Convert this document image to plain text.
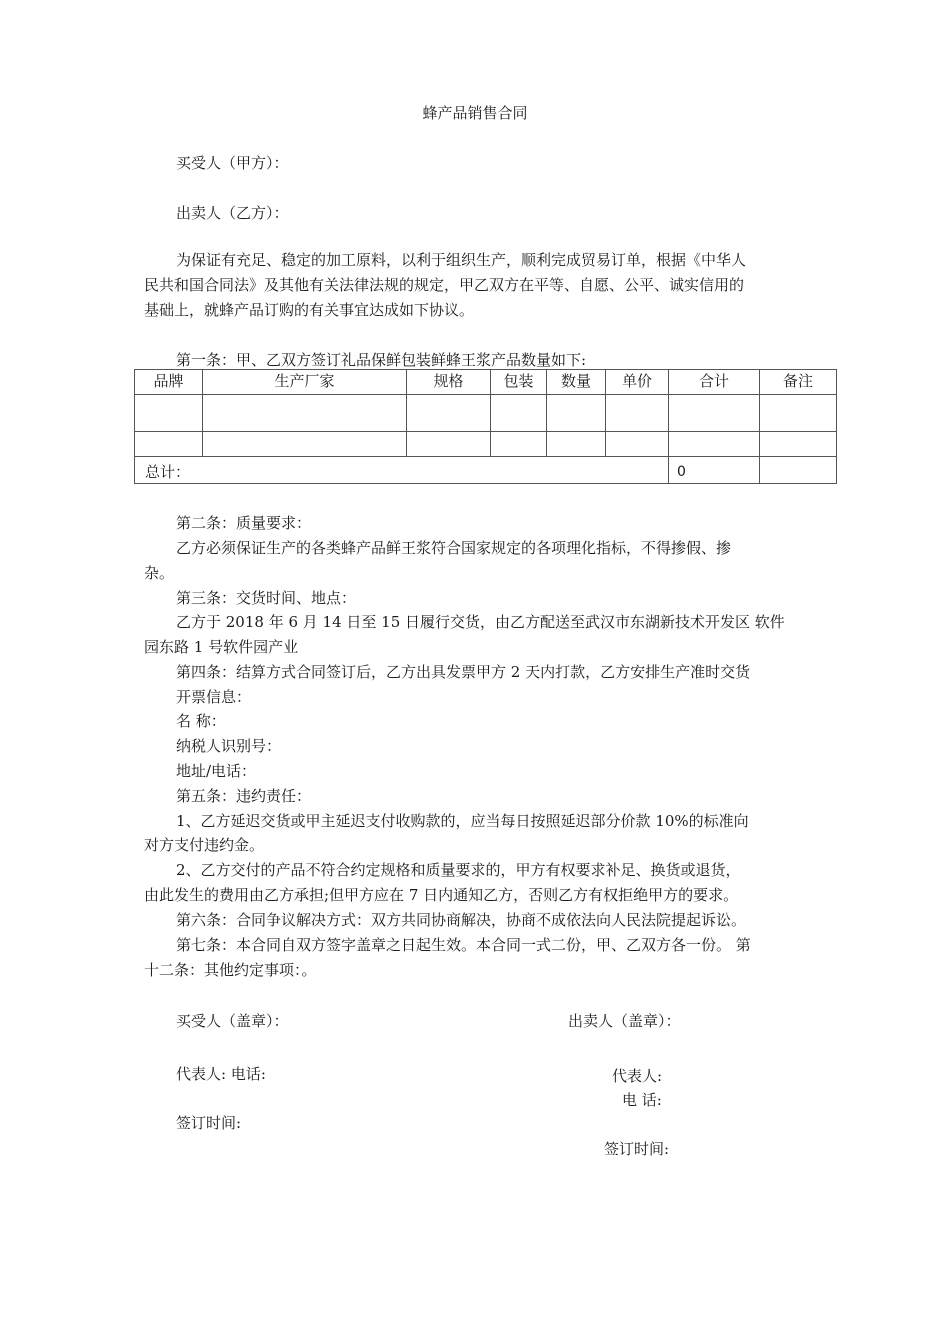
蜂产品销售合同
买受人（甲方）：
出卖人（乙方）：
为保证有充足、稳定的加工原料，以利于组织生产，顺利完成贸易订单，根据《中华人
民共和国合同法》及其他有关法律法规的规定，甲乙双方在平等、自愿、公平、诚实信用的
基础上，就蜂产品订购的有关事宜达成如下协议。
第一条：甲、乙双方签订礼品保鲜包装鲜蜂王浆产品数量如下:
品牌	生产厂家	规格	包装	数量	单价	合计	备注

总计：						0	
第二条：质量要求：
乙方必须保证生产的各类蜂产品鲜王浆符合国家规定的各项理化指标，不得掺假、掺
杂。
第三条：交货时间、地点：
乙方于 2018 年 6 月 14 日至 15 日履行交货，由乙方配送至武汉市东湖新技术开发区 软件
园东路 1 号软件园产业
第四条：结算方式合同签订后，乙方出具发票甲方 2 天内打款，乙方安排生产准时交货
开票信息：
名 称：
纳税人识别号：
地址/电话：
第五条：违约责任：
1、乙方延迟交货或甲主延迟支付收购款的，应当每日按照延迟部分价款 10%的标准向
对方支付违约金。
2、乙方交付的产品不符合约定规格和质量要求的，甲方有权要求补足、换货或退货，
由此发生的费用由乙方承担;但甲方应在 7 日内通知乙方，否则乙方有权拒绝甲方的要求。
第六条：合同争议解决方式：双方共同协商解决，协商不成依法向人民法院提起诉讼。
第七条：本合同自双方签字盖章之日起生效。本合同一式二份，甲、乙双方各一份。 第
十二条：其他约定事项：。
买受人（盖章）：	出卖人（盖章）：
代表人: 电话:	代表人:
电 话:
签订时间:
签订时间:
